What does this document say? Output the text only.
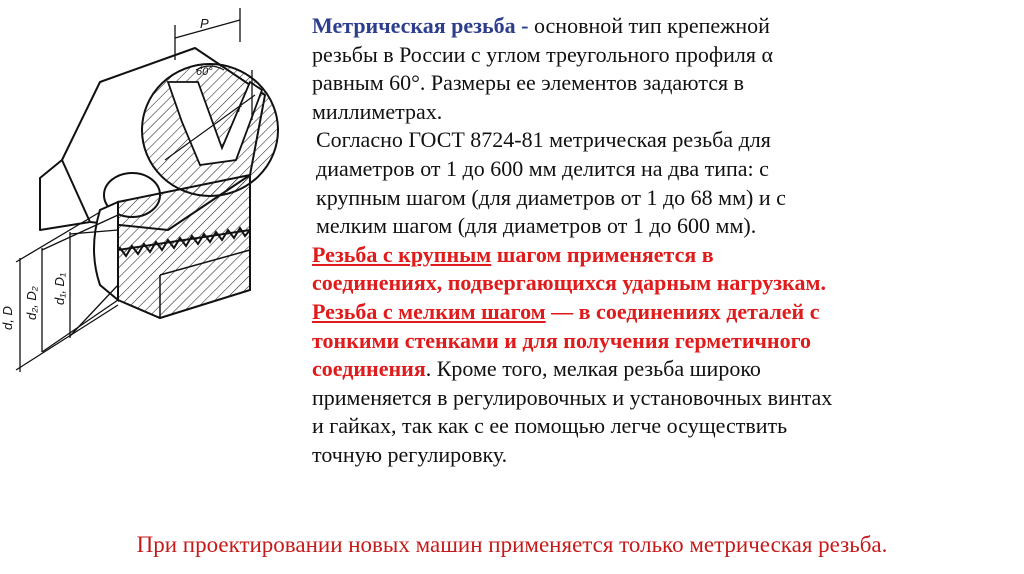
P
60°
r
d, D d₂, D₂ d₁, D₁

Метрическая резьба - основной тип крепежной
резьбы в России с углом треугольного профиля α
равным 60°. Размеры ее элементов задаются в
миллиметрах.

Согласно ГОСТ 8724-81 метрическая резьба для
диаметров от 1 до 600 мм делится на два типа: с
крупным шагом (для диаметров от 1 до 68 мм) и с
мелким шагом (для диаметров от 1 до 600 мм).

Резьба с крупным шагом применяется в
соединениях, подвергающихся ударным нагрузкам.
Резьба с мелким шагом — в соединениях деталей с
тонкими стенками и для получения герметичного
соединения. Кроме того, мелкая резьба широко
применяется в регулировочных и установочных винтах
и гайках, так как с ее помощью легче осуществить
точную регулировку.

При проектировании новых машин применяется только метрическая резьба.
